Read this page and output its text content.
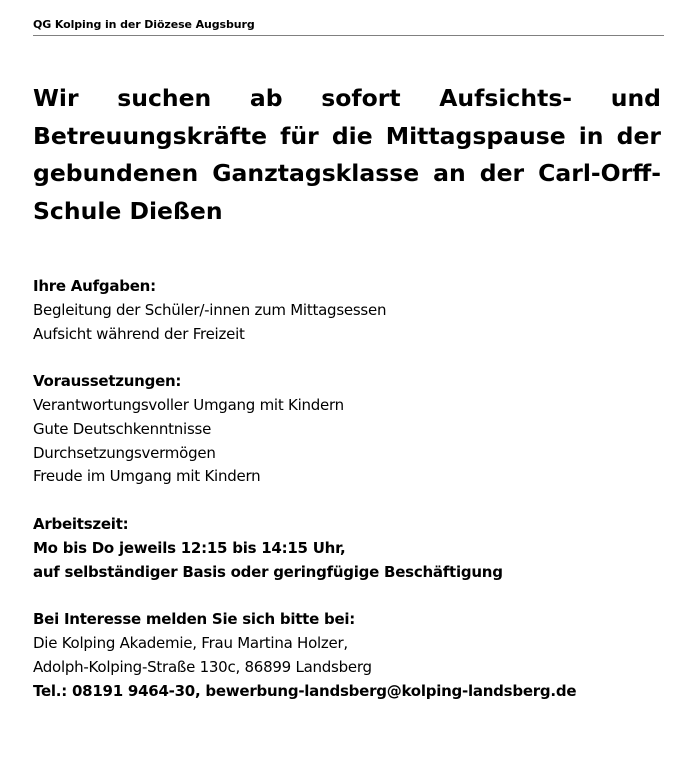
QG Kolping in der Diözese Augsburg
Wir suchen ab sofort Aufsichts- und Betreuungskräfte für die Mittagspause in der gebundenen Ganztagsklasse an der Carl-Orff-Schule Dießen
Ihre Aufgaben:
Begleitung der Schüler/-innen zum Mittagsessen
Aufsicht während der Freizeit
Voraussetzungen:
Verantwortungsvoller Umgang mit Kindern
Gute Deutschkenntnisse
Durchsetzungsvermögen
Freude im Umgang mit Kindern
Arbeitszeit:
Mo bis Do jeweils 12:15 bis 14:15 Uhr,
auf selbständiger Basis oder geringfügige Beschäftigung
Bei Interesse melden Sie sich bitte bei:
Die Kolping Akademie, Frau Martina Holzer,
Adolph-Kolping-Straße 130c, 86899 Landsberg
Tel.: 08191 9464-30, bewerbung-landsberg@kolping-landsberg.de
